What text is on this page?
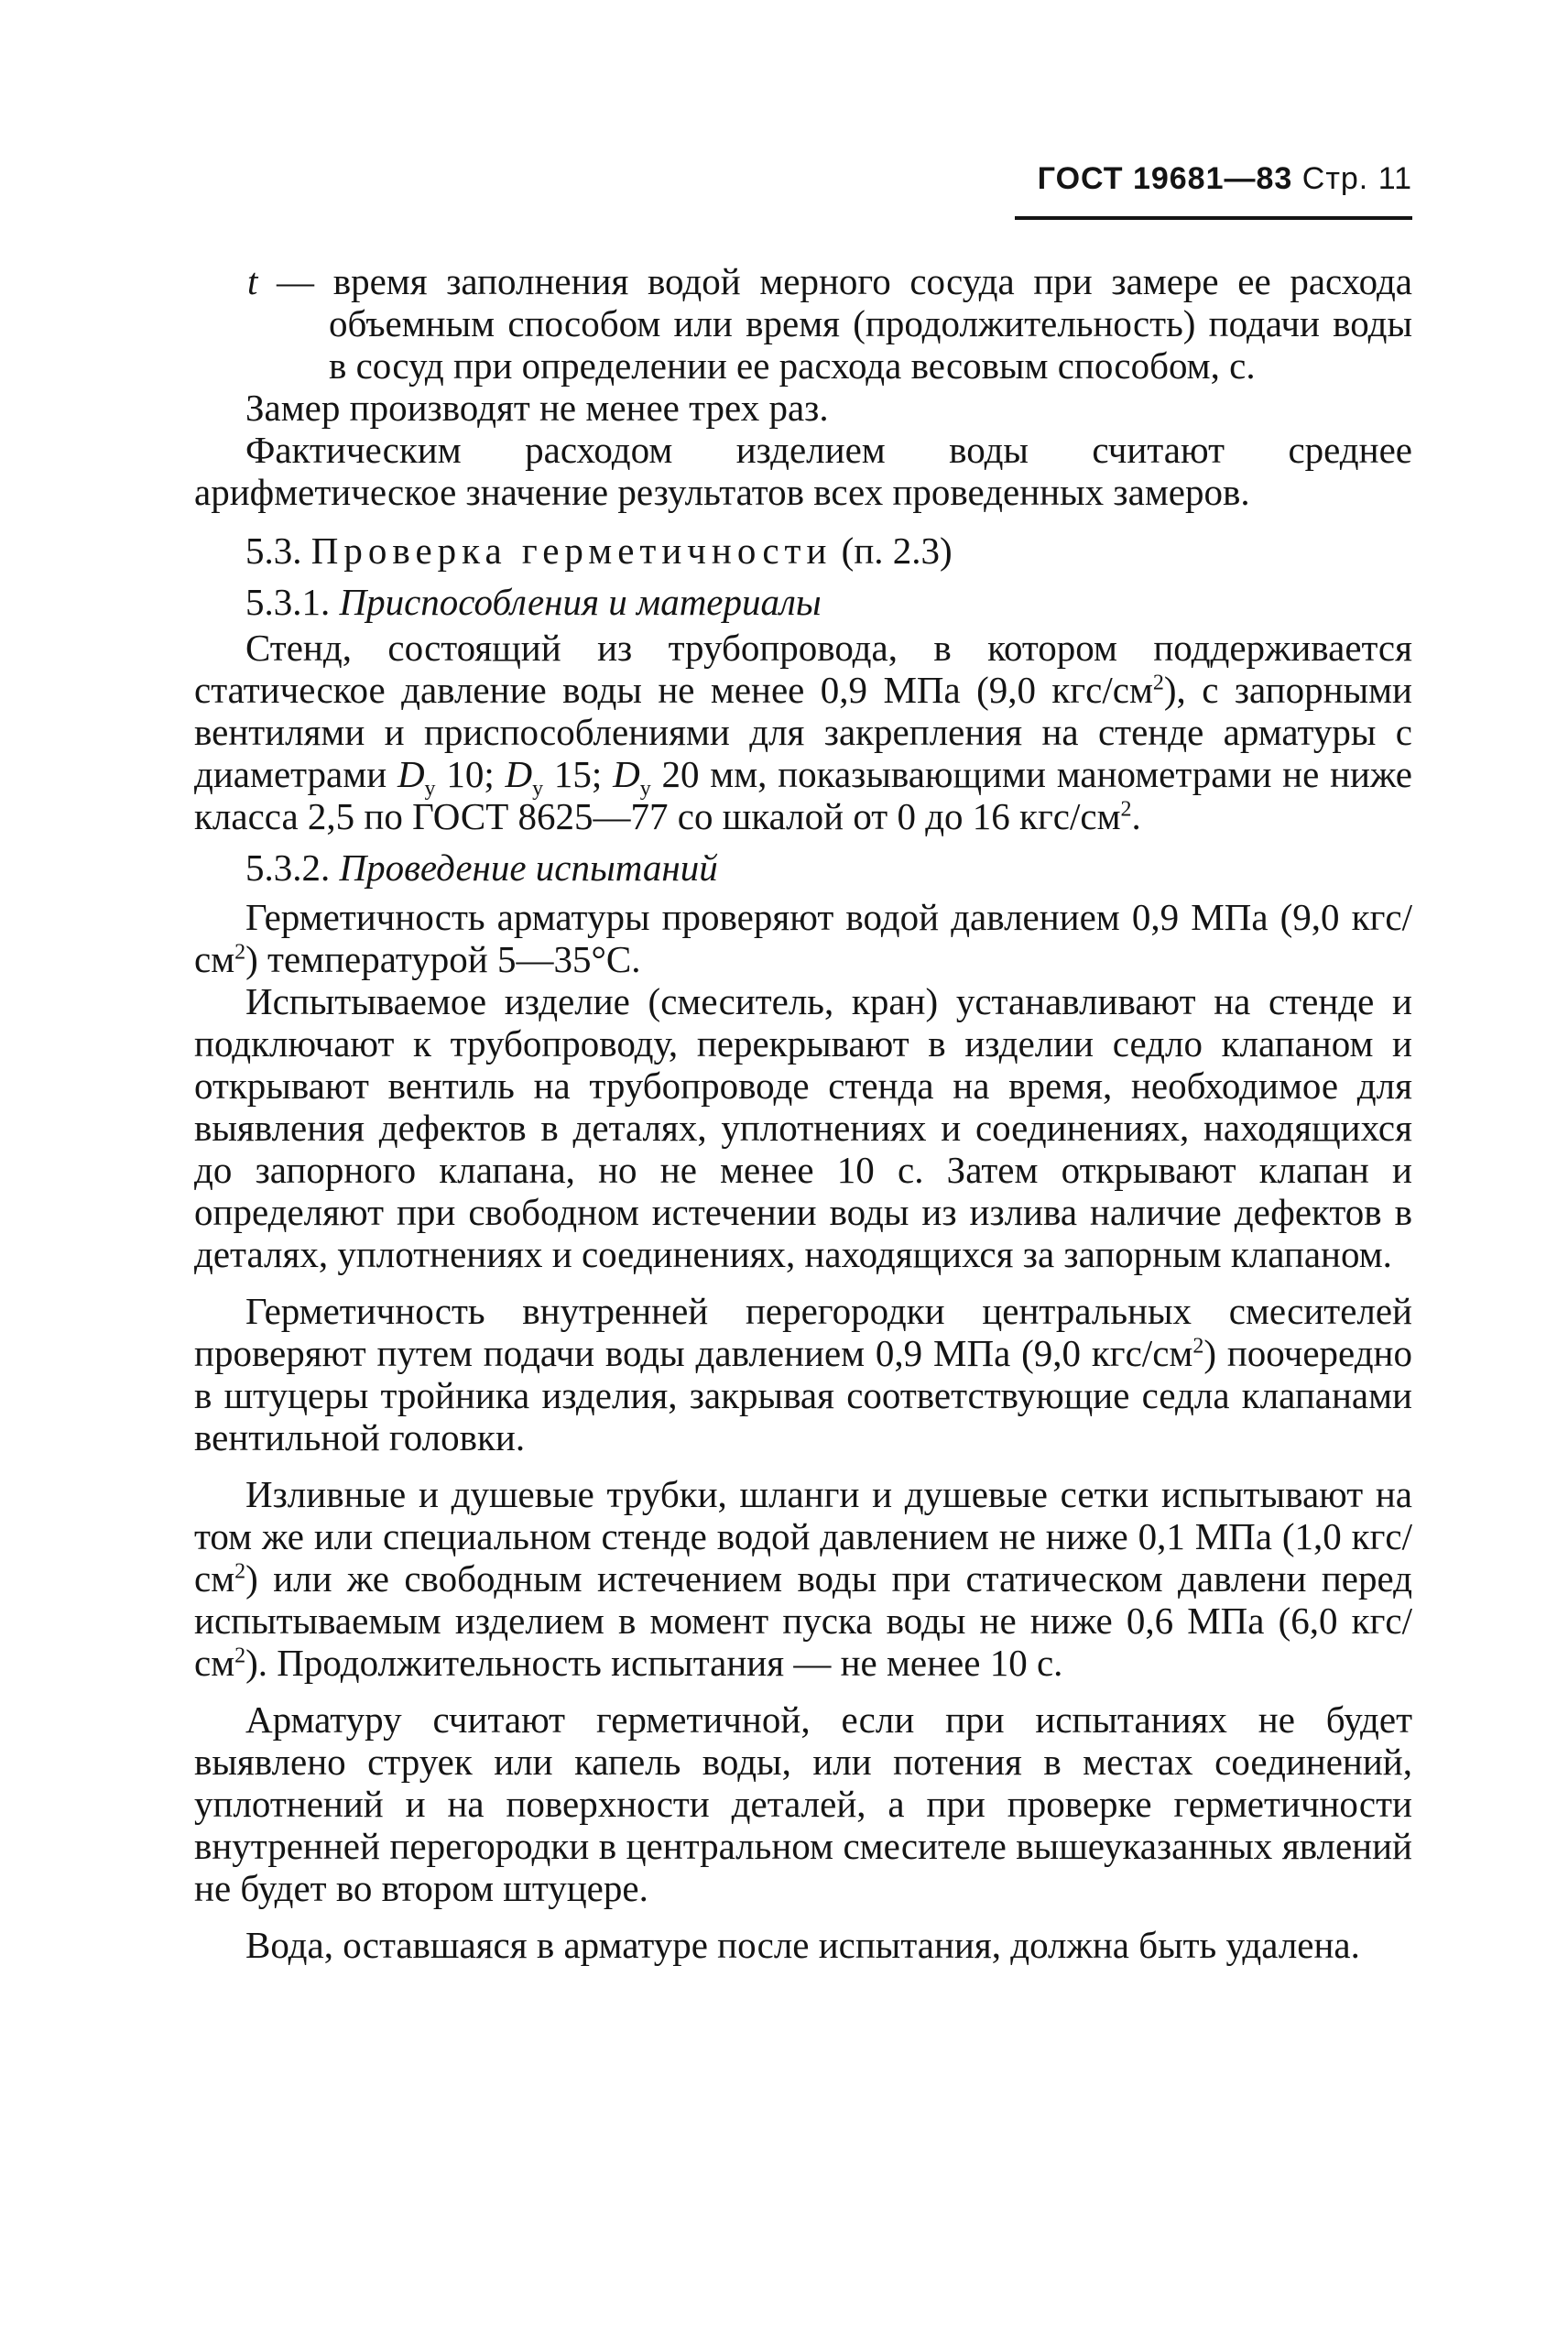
ГОСТ 19681—83 Стр. 11

t — время заполнения водой мерного сосуда при замере ее расхода объемным способом или время (продолжительность) подачи воды в сосуд при определении ее расхода весовым способом, с.

Замер производят не менее трех раз.

Фактическим расходом изделием воды считают среднее арифметическое значение результатов всех проведенных замеров.

5.3. Проверка герметичности (п. 2.3)

5.3.1. Приспособления и материалы

Стенд, состоящий из трубопровода, в котором поддерживается статическое давление воды не менее 0,9 МПа (9,0 кгс/$см^2$), с запорными вентилями и приспособлениями для закрепления на стенде арматуры с диаметрами $D_у$ 10; $D_у$ 15; $D_у$ 20 мм, показывающими манометрами не ниже класса 2,5 по ГОСТ 8625—77 со шкалой от 0 до 16 кгс/$см^2$.

5.3.2. Проведение испытаний

Герметичность арматуры проверяют водой давлением 0,9 МПа (9,0 кгс/$см^2$) температурой 5—35°С.

Испытываемое изделие (смеситель, кран) устанавливают на стенде и подключают к трубопроводу, перекрывают в изделии седло клапаном и открывают вентиль на трубопроводе стенда на время, необходимое для выявления дефектов в деталях, уплотнениях и соединениях, находящихся до запорного клапана, но не менее 10 с. Затем открывают клапан и определяют при свободном истечении воды из излива наличие дефектов в деталях, уплотнениях и соединениях, находящихся за запорным клапаном.

Герметичность внутренней перегородки центральных смесителей проверяют путем подачи воды давлением 0,9 МПа (9,0 кгс/$см^2$) поочередно в штуцеры тройника изделия, закрывая соответствующие седла клапанами вентильной головки.

Изливные и душевые трубки, шланги и душевые сетки испытывают на том же или специальном стенде водой давлением не ниже 0,1 МПа (1,0 кгс/$см^2$) или же свободным истечением воды при статическом давлени перед испытываемым изделием в момент пуска воды не ниже 0,6 МПа (6,0 кгс/$см^2$). Продолжительность испытания — не менее 10 с.

Арматуру считают герметичной, если при испытаниях не будет выявлено струек или капель воды, или потения в местах соединений, уплотнений и на поверхности деталей, а при проверке герметичности внутренней перегородки в центральном смесителе вышеуказанных явлений не будет во втором штуцере.

Вода, оставшаяся в арматуре после испытания, должна быть удалена.
